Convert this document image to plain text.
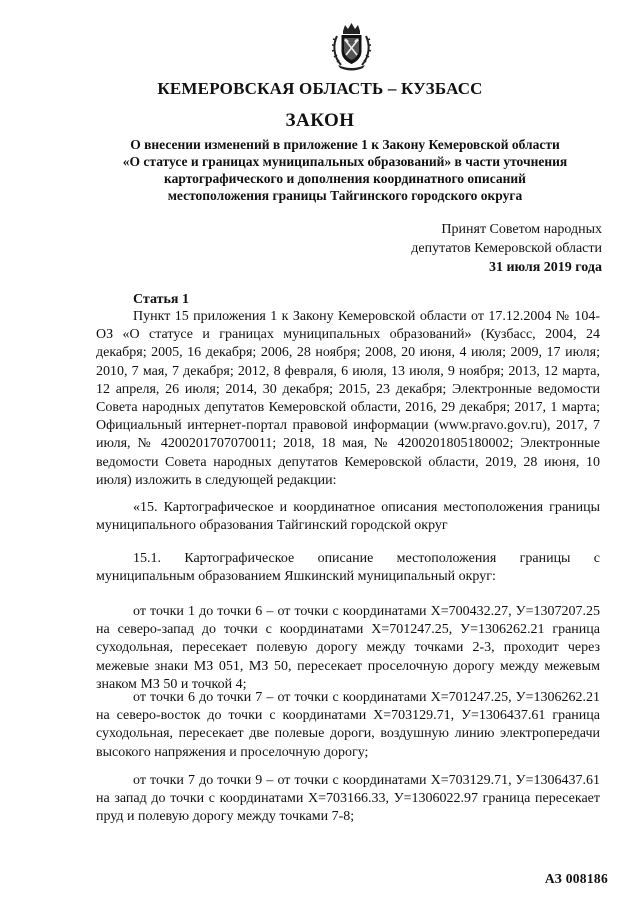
КЕМЕРОВСКАЯ ОБЛАСТЬ – КУЗБАСС
ЗАКОН
О внесении изменений в приложение 1 к Закону Кемеровской области
«О статусе и границах муниципальных образований» в части уточнения
картографического и дополнения координатного описаний
местоположения границы Тайгинского городского округа
Принят Советом народных
депутатов Кемеровской области
31 июля 2019 года
Статья 1
Пункт 15 приложения 1 к Закону Кемеровской области от 17.12.2004 № 104-ОЗ «О статусе и границах муниципальных образований» (Кузбасс, 2004, 24 декабря; 2005, 16 декабря; 2006, 28 ноября; 2008, 20 июня, 4 июля; 2009, 17 июля; 2010, 7 мая, 7 декабря; 2012, 8 февраля, 6 июля, 13 июля, 9 ноября; 2013, 12 марта, 12 апреля, 26 июля; 2014, 30 декабря; 2015, 23 декабря; Электронные ведомости Совета народных депутатов Кемеровской области, 2016, 29 декабря; 2017, 1 марта; Официальный интернет-портал правовой информации (www.pravo.gov.ru), 2017, 7 июля, № 4200201707070011; 2018, 18 мая, № 4200201805180002; Электронные ведомости Совета народных депутатов Кемеровской области, 2019, 28 июня, 10 июля) изложить в следующей редакции:
«15. Картографическое и координатное описания местоположения границы муниципального образования Тайгинский городской округ
15.1. Картографическое описание местоположения границы с муниципальным образованием Яшкинский муниципальный округ:
от точки 1 до точки 6 – от точки с координатами X=700432.27, У=1307207.25 на северо-запад до точки с координатами X=701247.25, У=1306262.21 граница суходольная, пересекает полевую дорогу между точками 2-3, проходит через межевые знаки МЗ 051, МЗ 50, пересекает проселочную дорогу между межевым знаком МЗ 50 и точкой 4;
от точки 6 до точки 7 – от точки с координатами X=701247.25, У=1306262.21 на северо-восток до точки с координатами X=703129.71, У=1306437.61 граница суходольная, пересекает две полевые дороги, воздушную линию электропередачи высокого напряжения и проселочную дорогу;
от точки 7 до точки 9 – от точки с координатами X=703129.71, У=1306437.61 на запад до точки с координатами X=703166.33, У=1306022.97 граница пересекает пруд и полевую дорогу между точками 7-8;
АЗ 008186
